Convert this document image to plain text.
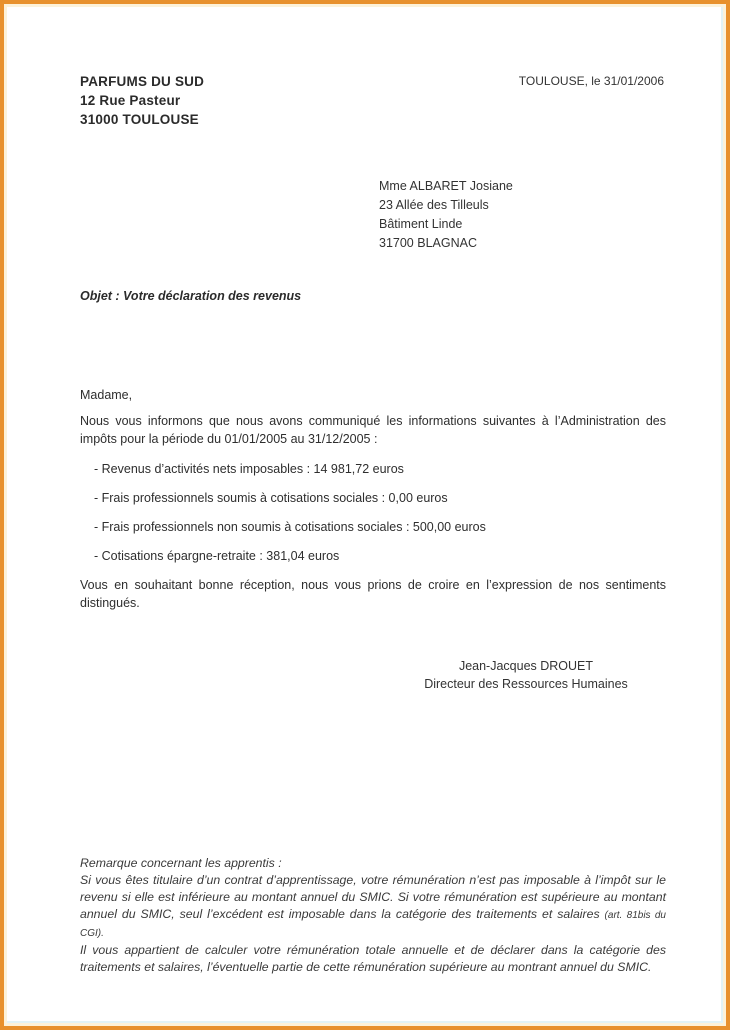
PARFUMS DU SUD
12 Rue Pasteur
31000 TOULOUSE
TOULOUSE, le 31/01/2006
Mme ALBARET Josiane
23 Allée des Tilleuls
Bâtiment Linde
31700 BLAGNAC
Objet : Votre déclaration des revenus

Madame,

Nous vous informons que nous avons communiqué les informations suivantes à l’Administration des impôts pour la période du 01/01/2005 au 31/12/2005 :

- Revenus d’activités nets imposables : 14 981,72 euros
- Frais professionnels soumis à cotisations sociales : 0,00 euros
- Frais professionnels non soumis à cotisations sociales : 500,00 euros
- Cotisations épargne-retraite : 381,04 euros

Vous en souhaitant bonne réception, nous vous prions de croire en l’expression de nos sentiments distingués.

Jean-Jacques DROUET
Directeur des Ressources Humaines

Remarque concernant les apprentis :

Si vous êtes titulaire d’un contrat d’apprentissage, votre rémunération n’est pas imposable à l’impôt sur le revenu si elle est inférieure au montant annuel du SMIC. Si votre rémunération est supérieure au montant annuel du SMIC, seul l’excédent est imposable dans la catégorie des traitements et salaires (art. 81bis du CGI).

Il vous appartient de calculer votre rémunération totale annuelle et de déclarer dans la catégorie des traitements et salaires, l’éventuelle partie de cette rémunération supérieure au montrant annuel du SMIC.
